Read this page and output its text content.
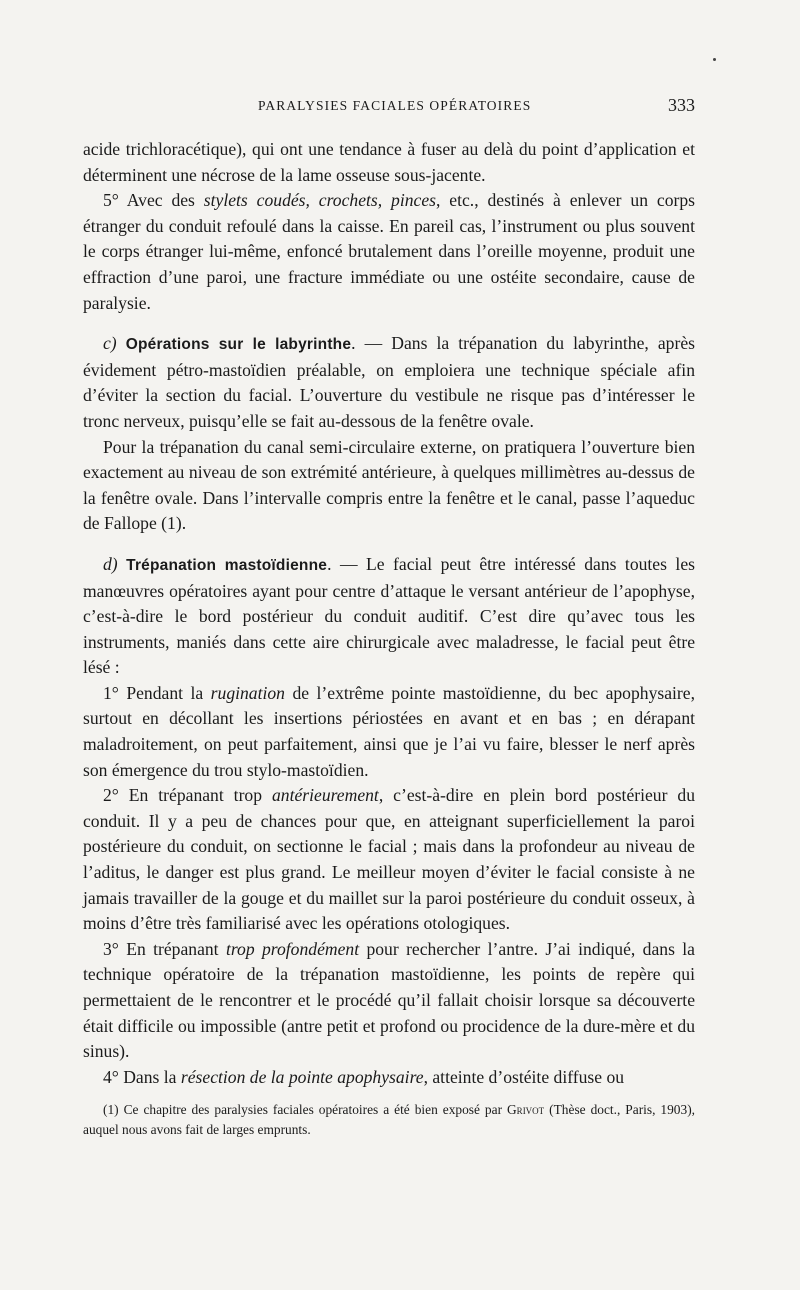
PARALYSIES FACIALES OPÉRATOIRES	333

acide trichloracétique), qui ont une tendance à fuser au delà du point d’application et déterminent une nécrose de la lame osseuse sous-jacente.

5° Avec des stylets coudés, crochets, pinces, etc., destinés à enlever un corps étranger du conduit refoulé dans la caisse. En pareil cas, l’instrument ou plus souvent le corps étranger lui-même, enfoncé brutalement dans l’oreille moyenne, produit une effraction d’une paroi, une fracture immédiate ou une ostéite secondaire, cause de paralysie.

c) Opérations sur le labyrinthe. — Dans la trépanation du labyrinthe, après évidement pétro-mastoïdien préalable, on emploiera une technique spéciale afin d’éviter la section du facial. L’ouverture du vestibule ne risque pas d’intéresser le tronc nerveux, puisqu’elle se fait au-dessous de la fenêtre ovale.

Pour la trépanation du canal semi-circulaire externe, on pratiquera l’ouverture bien exactement au niveau de son extrémité antérieure, à quelques millimètres au-dessus de la fenêtre ovale. Dans l’intervalle compris entre la fenêtre et le canal, passe l’aqueduc de Fallope (1).

d) Trépanation mastoïdienne. — Le facial peut être intéressé dans toutes les manœuvres opératoires ayant pour centre d’attaque le versant antérieur de l’apophyse, c’est-à-dire le bord postérieur du conduit auditif. C’est dire qu’avec tous les instruments, maniés dans cette aire chirurgicale avec maladresse, le facial peut être lésé :

1° Pendant la rugination de l’extrême pointe mastoïdienne, du bec apophysaire, surtout en décollant les insertions périostées en avant et en bas ; en dérapant maladroitement, on peut parfaitement, ainsi que je l’ai vu faire, blesser le nerf après son émergence du trou stylo-mastoïdien.

2° En trépanant trop antérieurement, c’est-à-dire en plein bord postérieur du conduit. Il y a peu de chances pour que, en atteignant superficiellement la paroi postérieure du conduit, on sectionne le facial ; mais dans la profondeur au niveau de l’aditus, le danger est plus grand. Le meilleur moyen d’éviter le facial consiste à ne jamais travailler de la gouge et du maillet sur la paroi postérieure du conduit osseux, à moins d’être très familiarisé avec les opérations otologiques.

3° En trépanant trop profondément pour rechercher l’antre. J’ai indiqué, dans la technique opératoire de la trépanation mastoïdienne, les points de repère qui permettaient de le rencontrer et le procédé qu’il fallait choisir lorsque sa découverte était difficile ou impossible (antre petit et profond ou procidence de la dure-mère et du sinus).

4° Dans la résection de la pointe apophysaire, atteinte d’ostéite diffuse ou

(1) Ce chapitre des paralysies faciales opératoires a été bien exposé par Grivot (Thèse doct., Paris, 1903), auquel nous avons fait de larges emprunts.
